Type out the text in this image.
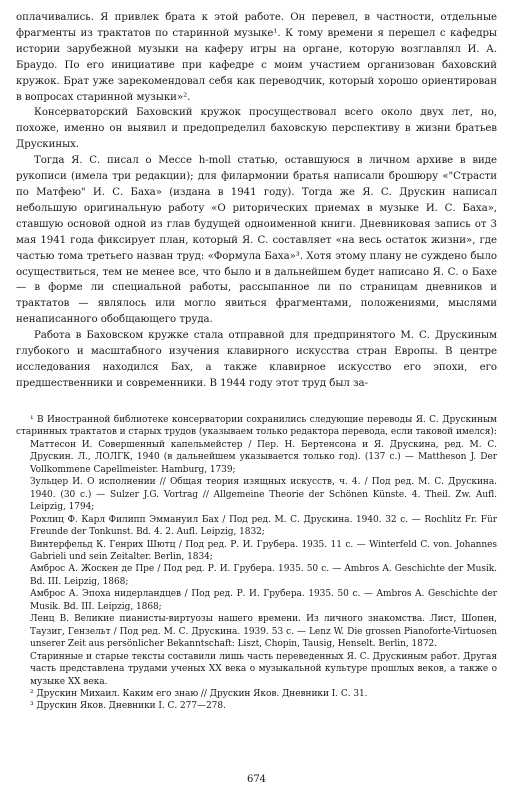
оплачивались. Я привлек брата к этой работе. Он перевел, в частности, отдельные фрагменты из трактатов по старинной музыке¹. К тому времени я перешел с кафедры истории зарубежной музыки на каферу игры на органе, которую возглавлял И. А. Браудо. По его инициативе при кафедре с моим участием организован баховский кружок. Брат уже зарекомендовал себя как переводчик, который хорошо ориентирован в вопросах старинной музыки»².

Консерваторский Баховский кружок просуществовал всего около двух лет, но, похоже, именно он выявил и предопределил баховскую перспективу в жизни братьев Друскиных.

Тогда Я. С. писал о Мессе h-moll статью, оставшуюся в личном архиве в виде рукописи (имела три редакции); для филармонии братья написали брошюру «"Страсти по Матфею" И. С. Баха» (издана в 1941 году). Тогда же Я. С. Друскин написал небольшую оригинальную работу «О риторических приемах в музыке И. С. Баха», ставшую основой одной из глав будущей одноименной книги. Дневниковая запись от 3 мая 1941 года фиксирует план, который Я. С. составляет «на весь остаток жизни», где частью тома третьего назван труд: «Формула Баха»³. Хотя этому плану не суждено было осуществиться, тем не менее все, что было и в дальнейшем будет написано Я. С. о Бахе — в форме ли специальной работы, рассыпанное ли по страницам дневников и трактатов — являлось или могло явиться фрагментами, положениями, мыслями ненаписанного обобщающего труда.

Работа в Баховском кружке стала отправной для предпринятого М. С. Друскиным глубокого и масштабного изучения клавирного искусства стран Европы. В центре исследования находился Бах, а также клавирное искусство его эпохи, его предшественники и современники. В 1944 году этот труд был за-

¹ В Иностранной библиотеке консерватории сохранились следующие переводы Я. С. Друскиным старинных трактатов и старых трудов (указываем только редактора перевода, если таковой имелся):

Маттесон И. Совершенный капельмейстер / Пер. Н. Бертенсона и Я. Друскина, ред. М. С. Друскин. Л., ЛОЛГК, 1940 (в дальнейшем указывается только год). (137 с.) — Mattheson J. Der Vollkommene Capellmeister. Hamburg, 1739;

Зульцер И. О исполнении // Общая теория изящных искусств, ч. 4. / Под ред. М. С. Друскина. 1940. (30 с.) — Sulzer J.G. Vortrag // Allgemeine Theorie der Schönen Künste. 4. Theil. Zw. Aufl. Leipzig, 1794;

Рохлиц Ф. Карл Филипп Эммануил Бах / Под ред. М. С. Друскина. 1940. 32 с. — Rochlitz Fr. Für Freunde der Tonkunst. Bd. 4. 2. Aufl. Leipzig, 1832;

Винтерфельд К. Генрих Шютц / Под ред. Р. И. Грубера. 1935. 11 с. — Winterfeld C. von. Johannes Gabrieli und sein Zeitalter. Berlin, 1834;

Амброс А. Жоскен де Пре / Под ред. Р. И. Грубера. 1935. 50 с. — Ambros A. Geschichte der Musik. Bd. III. Leipzig, 1868;

Амброс А. Эпоха нидерландцев / Под ред. Р. И. Грубера. 1935. 50 с. — Ambros A. Geschichte der Musik. Bd. III. Leipzig, 1868;

Ленц В. Великие пианисты-виртуозы нашего времени. Из личного знакомства. Лист, Шопен, Таузиг, Гензельт / Под ред. М. С. Друскина. 1939. 53 с. — Lenz W. Die grossen Pianoforte-Virtuosen unserer Zeit aus persönlicher Bekanntschaft: Liszt, Chopin, Tausig, Henselt. Berlin, 1872.

Старинные и старые тексты составили лишь часть переведенных Я. С. Друскиным работ. Другая часть представлена трудами ученых XX века о музыкальной культуре прошлых веков, а также о музыке XX века.

² Друскин Михаил. Каким его знаю // Друскин Яков. Дневники I. С. 31.

³ Друскин Яков. Дневники I. С. 277—278.

674
